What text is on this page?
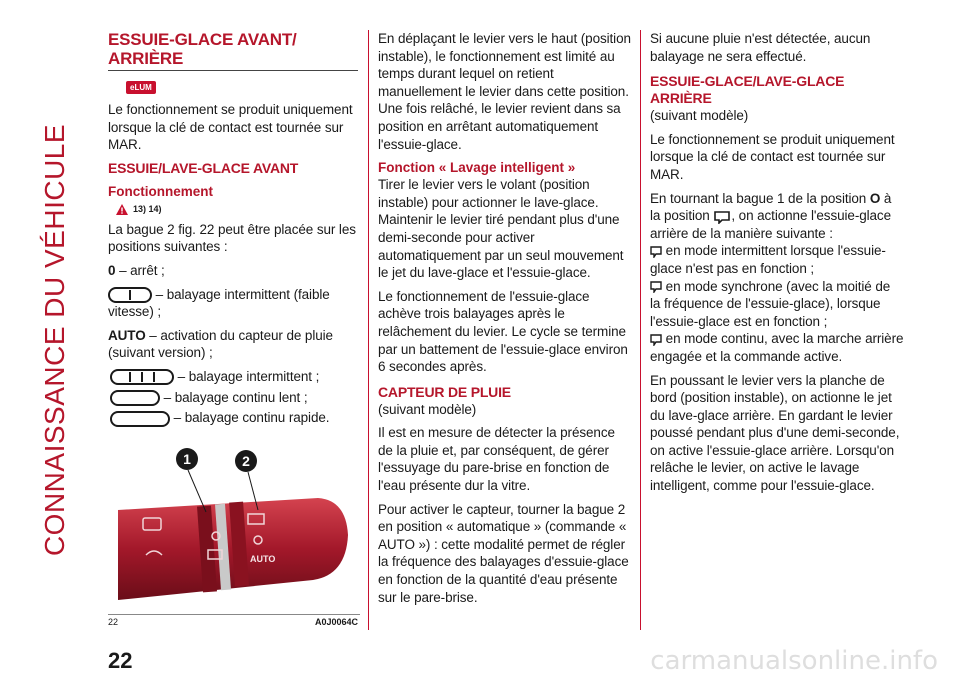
CONNAISSANCE DU VÉHICULE
ESSUIE-GLACE AVANT/
ARRIÈRE
eLUM

Le fonctionnement se produit uniquement lorsque la clé de contact est tournée sur MAR.

ESSUIE/LAVE-GLACE AVANT
Fonctionnement
13) 14)

La bague 2 fig. 22 peut être placée sur les positions suivantes :

0 – arrêt ;

– balayage intermittent (faible vitesse) ;

AUTO – activation du capteur de pluie (suivant version) ;

– balayage intermittent ;

– balayage continu lent ;

– balayage continu rapide.

AUTO
1	2
22	A0J0064C

En déplaçant le levier vers le haut (position instable), le fonctionnement est limité au temps durant lequel on retient manuellement le levier dans cette position. Une fois relâché, le levier revient dans sa position en arrêtant automatiquement l'essuie-glace.

Fonction « Lavage intelligent »

Tirer le levier vers le volant (position instable) pour actionner le lave-glace. Maintenir le levier tiré pendant plus d'une demi-seconde pour activer automatiquement par un seul mouvement le jet du lave-glace et l'essuie-glace.

Le fonctionnement de l'essuie-glace achève trois balayages après le relâchement du levier. Le cycle se termine par un battement de l'essuie-glace environ 6 secondes après.

CAPTEUR DE PLUIE

(suivant modèle)

Il est en mesure de détecter la présence de la pluie et, par conséquent, de gérer l'essuyage du pare-brise en fonction de l'eau présente dur la vitre.

Pour activer le capteur, tourner la bague 2 en position « automatique » (commande « AUTO ») : cette modalité permet de régler la fréquence des balayages d'essuie-glace en fonction de la quantité d'eau présente sur le pare-brise.

Si aucune pluie n'est détectée, aucun balayage ne sera effectué.

ESSUIE-GLACE/LAVE-GLACE ARRIÈRE

(suivant modèle)

Le fonctionnement se produit uniquement lorsque la clé de contact est tournée sur MAR.

En tournant la bague 1 de la position O à la position , on actionne l'essuie-glace arrière de la manière suivante :

en mode intermittent lorsque l'essuie-glace n'est pas en fonction ;

en mode synchrone (avec la moitié de la fréquence de l'essuie-glace), lorsque l'essuie-glace est en fonction ;

en mode continu, avec la marche arrière engagée et la commande active.

En poussant le levier vers la planche de bord (position instable), on actionne le jet du lave-glace arrière. En gardant le levier poussé pendant plus d'une demi-seconde, on active l'essuie-glace arrière. Lorsqu'on relâche le levier, on active le lavage intelligent, comme pour l'essuie-glace.

22	carmanualsonline.info
